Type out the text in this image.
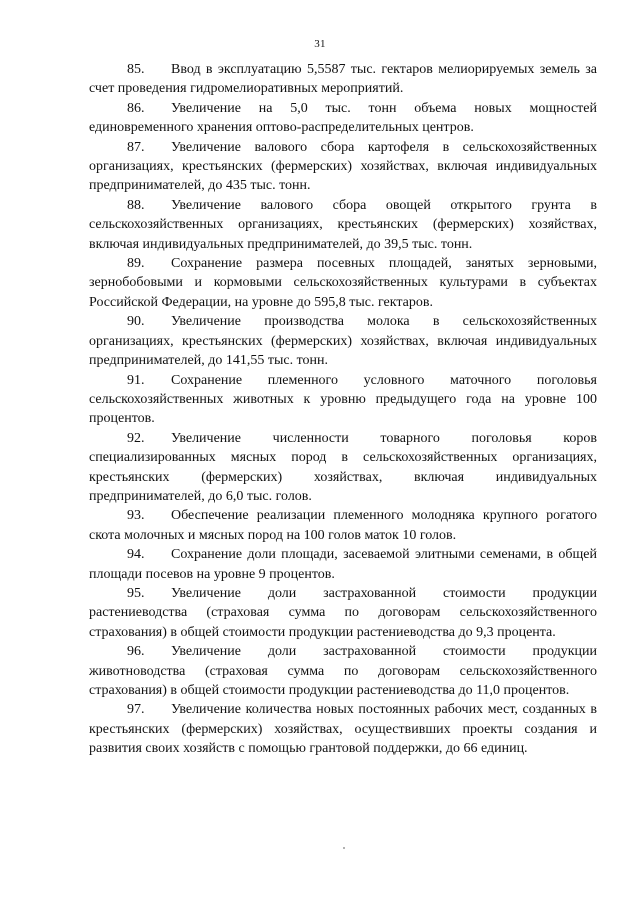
31

85. Ввод в эксплуатацию 5,5587 тыс. гектаров мелиорируемых земель за счет проведения гидромелиоративных мероприятий.

86. Увеличение на 5,0 тыс. тонн объема новых мощностей единовременного хранения оптово-распределительных центров.

87. Увеличение валового сбора картофеля в сельскохозяйственных организациях, крестьянских (фермерских) хозяйствах, включая индивидуальных предпринимателей, до 435 тыс. тонн.

88. Увеличение валового сбора овощей открытого грунта в сельскохозяйственных организациях, крестьянских (фермерских) хозяйствах, включая индивидуальных предпринимателей, до 39,5 тыс. тонн.

89. Сохранение размера посевных площадей, занятых зерновыми, зернобобовыми и кормовыми сельскохозяйственных культурами в субъектах Российской Федерации, на уровне до 595,8 тыс. гектаров.

90. Увеличение производства молока в сельскохозяйственных организациях, крестьянских (фермерских) хозяйствах, включая индивидуальных предпринимателей, до 141,55 тыс. тонн.

91. Сохранение племенного условного маточного поголовья сельскохозяйственных животных к уровню предыдущего года на уровне 100 процентов.

92. Увеличение численности товарного поголовья коров специализированных мясных пород в сельскохозяйственных организациях, крестьянских (фермерских) хозяйствах, включая индивидуальных предпринимателей, до 6,0 тыс. голов.

93. Обеспечение реализации племенного молодняка крупного рогатого скота молочных и мясных пород на 100 голов маток 10 голов.

94. Сохранение доли площади, засеваемой элитными семенами, в общей площади посевов на уровне 9 процентов.

95. Увеличение доли застрахованной стоимости продукции растениеводства (страховая сумма по договорам сельскохозяйственного страхования) в общей стоимости продукции растениеводства до 9,3 процента.

96. Увеличение доли застрахованной стоимости продукции животноводства (страховая сумма по договорам сельскохозяйственного страхования) в общей стоимости продукции растениеводства до 11,0 процентов.

97. Увеличение количества новых постоянных рабочих мест, созданных в крестьянских (фермерских) хозяйствах, осуществивших проекты создания и развития своих хозяйств с помощью грантовой поддержки, до 66 единиц.
